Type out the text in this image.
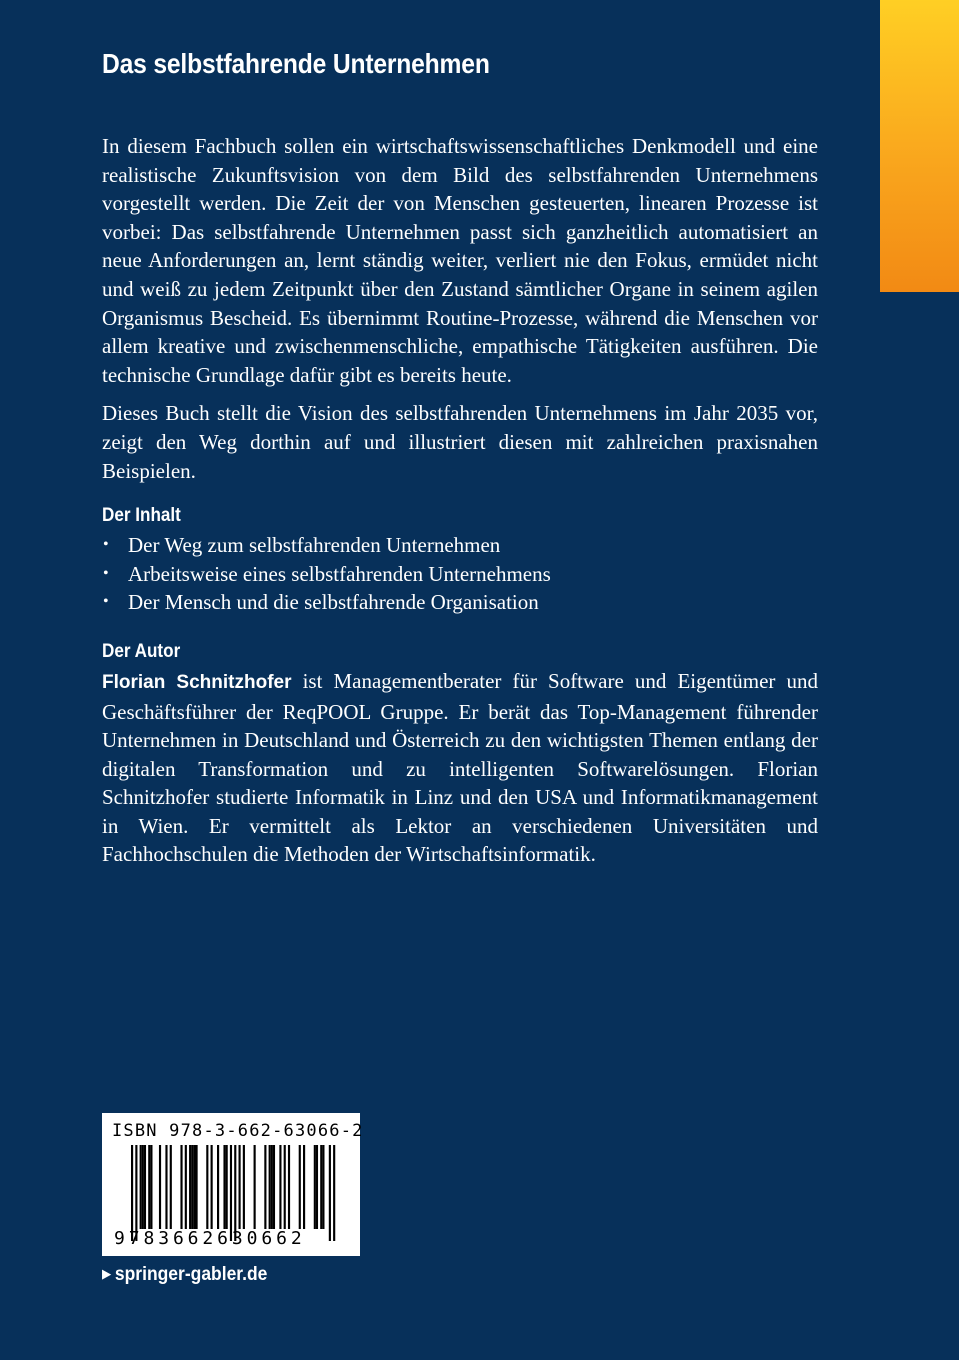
Das selbstfahrende Unternehmen

In diesem Fachbuch sollen ein wirtschaftswissenschaftliches Denkmodell und eine realistische Zukunftsvision von dem Bild des selbstfahrenden Unternehmens vorgestellt werden. Die Zeit der von Menschen gesteuerten, linearen Prozesse ist vorbei: Das selbstfahrende Unternehmen passt sich ganzheitlich automatisiert an neue Anforderungen an, lernt ständig weiter, verliert nie den Fokus, ermüdet nicht und weiß zu jedem Zeitpunkt über den Zustand sämtlicher Organe in seinem agilen Organismus Bescheid. Es übernimmt Routine-Prozesse, während die Menschen vor allem kreative und zwischenmenschliche, empathische Tätigkeiten ausführen. Die technische Grundlage dafür gibt es bereits heute.

Dieses Buch stellt die Vision des selbstfahrenden Unternehmens im Jahr 2035 vor, zeigt den Weg dorthin auf und illustriert diesen mit zahlreichen praxisnahen Beispielen.

Der Inhalt
• Der Weg zum selbstfahrenden Unternehmen
• Arbeitsweise eines selbstfahrenden Unternehmens
• Der Mensch und die selbstfahrende Organisation
Der Autor

Florian Schnitzhofer ist Managementberater für Software und Eigentümer und Geschäftsführer der ReqPOOL Gruppe. Er berät das Top-Management führender Unternehmen in Deutschland und Österreich zu den wichtigsten Themen entlang der digitalen Transformation und zu intelligenten Softwarelösungen. Florian Schnitzhofer studierte Informatik in Linz und den USA und Informatikmanagement in Wien. Er vermittelt als Lektor an verschiedenen Universitäten und Fachhochschulen die Methoden der Wirtschaftsinformatik.

ISBN 978-3-662-63066-2
9783662630662
▶ springer-gabler.de
